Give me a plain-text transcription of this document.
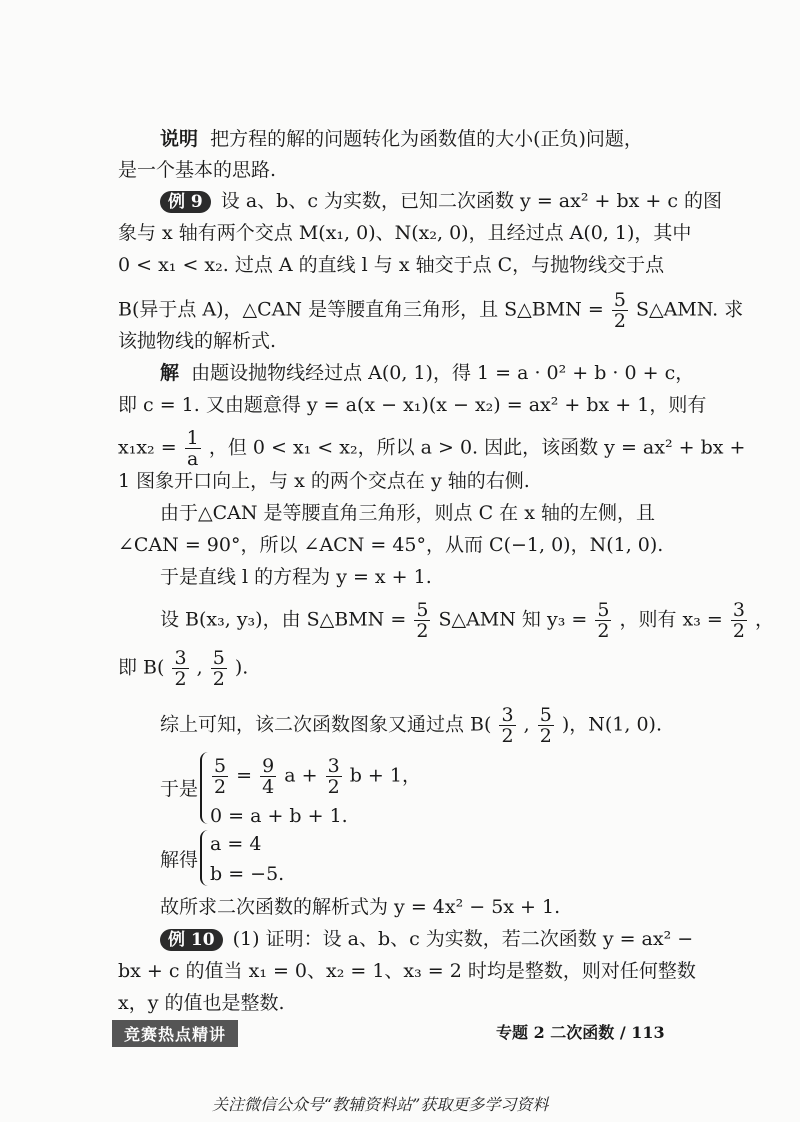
说明 把方程的解的问题转化为函数值的大小(正负)问题，
是一个基本的思路.
例 9 设 a、b、c 为实数，已知二次函数 y = ax² + bx + c 的图
象与 x 轴有两个交点 M(x₁, 0)、N(x₂, 0)，且经过点 A(0, 1)，其中
0 < x₁ < x₂. 过点 A 的直线 l 与 x 轴交于点 C，与抛物线交于点
B(异于点 A)，△CAN 是等腰直角三角形，且 S△BMN = $\frac{5}{2}$ S△AMN. 求
该抛物线的解析式.
解 由题设抛物线经过点 A(0, 1)，得 1 = a · 0² + b · 0 + c，
即 c = 1. 又由题意得 y = a(x − x₁)(x − x₂) = ax² + bx + 1，则有
$x_1x_2 = \frac{1}{a}$ ，但 0 < x₁ < x₂，所以 a > 0. 因此，该函数 y = ax² + bx +
1 图象开口向上，与 x 的两个交点在 y 轴的右侧.
由于△CAN 是等腰直角三角形，则点 C 在 x 轴的左侧，且
∠CAN = 90°，所以 ∠ACN = 45°，从而 C(−1, 0)，N(1, 0).
于是直线 l 的方程为 y = x + 1.
设 B(x₃, y₃)，由 S△BMN = $\frac{5}{2}$ S△AMN 知 $y_3 = \frac{5}{2}$ ，则有 $x_3 = \frac{3}{2}$ ，
即 $B( \frac{3}{2}$ , $\frac{5}{2}$ ).
综上可知，该二次函数图象又通过点 $B( \frac{3}{2}$ , $\frac{5}{2}$ )，N(1, 0).
于是 $\frac{5}{2} = \frac{9}{4}$ $a + \frac{3}{2}$ b + 1，
0 = a + b + 1.
解得
a = 4
b = −5.
故所求二次函数的解析式为 y = 4x² − 5x + 1.
例 10 (1) 证明：设 a、b、c 为实数，若二次函数 y = ax² −
bx + c 的值当 x₁ = 0、x₂ = 1、x₃ = 2 时均是整数，则对任何整数
x，y 的值也是整数.
竞赛热点精讲	专题 2 二次函数 / 113
关注微信公众号“教辅资料站”获取更多学习资料
